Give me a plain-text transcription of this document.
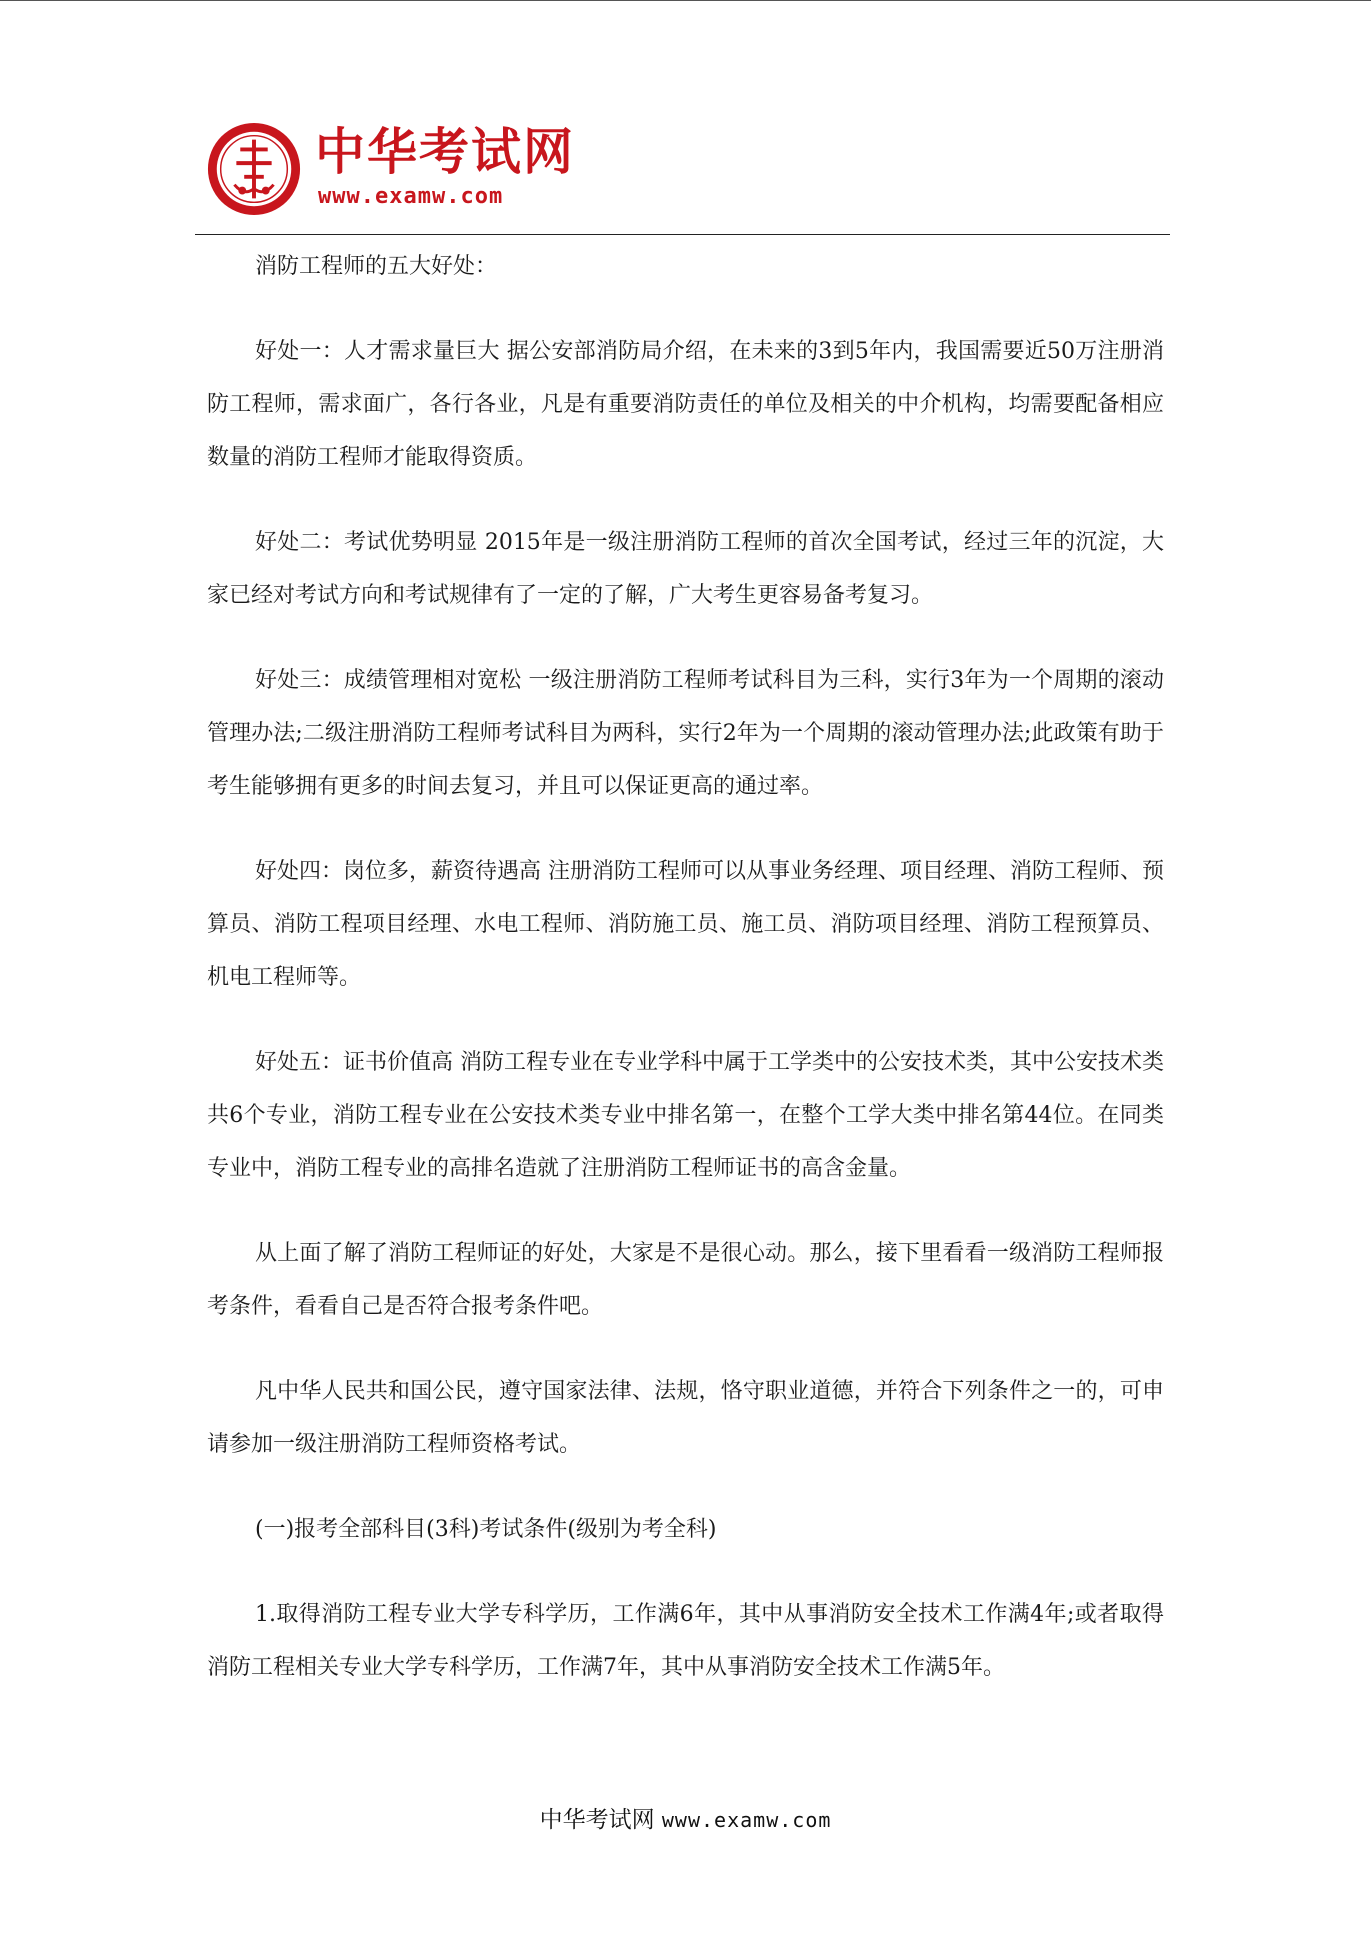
中华考试网
www.examw.com

消防工程师的五大好处：

好处一：人才需求量巨大 据公安部消防局介绍，在未来的3到5年内，我国需要近50万注册消防工程师，需求面广，各行各业，凡是有重要消防责任的单位及相关的中介机构，均需要配备相应数量的消防工程师才能取得资质。

好处二：考试优势明显 2015年是一级注册消防工程师的首次全国考试，经过三年的沉淀，大家已经对考试方向和考试规律有了一定的了解，广大考生更容易备考复习。

好处三：成绩管理相对宽松 一级注册消防工程师考试科目为三科，实行3年为一个周期的滚动管理办法;二级注册消防工程师考试科目为两科，实行2年为一个周期的滚动管理办法;此政策有助于考生能够拥有更多的时间去复习，并且可以保证更高的通过率。

好处四：岗位多，薪资待遇高 注册消防工程师可以从事业务经理、项目经理、消防工程师、预算员、消防工程项目经理、水电工程师、消防施工员、施工员、消防项目经理、消防工程预算员、机电工程师等。

好处五：证书价值高 消防工程专业在专业学科中属于工学类中的公安技术类，其中公安技术类共6个专业，消防工程专业在公安技术类专业中排名第一，在整个工学大类中排名第44位。在同类专业中，消防工程专业的高排名造就了注册消防工程师证书的高含金量。

从上面了解了消防工程师证的好处，大家是不是很心动。那么，接下里看看一级消防工程师报考条件，看看自己是否符合报考条件吧。

凡中华人民共和国公民，遵守国家法律、法规，恪守职业道德，并符合下列条件之一的，可申请参加一级注册消防工程师资格考试。

(一)报考全部科目(3科)考试条件(级别为考全科)

1.取得消防工程专业大学专科学历，工作满6年，其中从事消防安全技术工作满4年;或者取得消防工程相关专业大学专科学历，工作满7年，其中从事消防安全技术工作满5年。

中华考试网 www.examw.com
